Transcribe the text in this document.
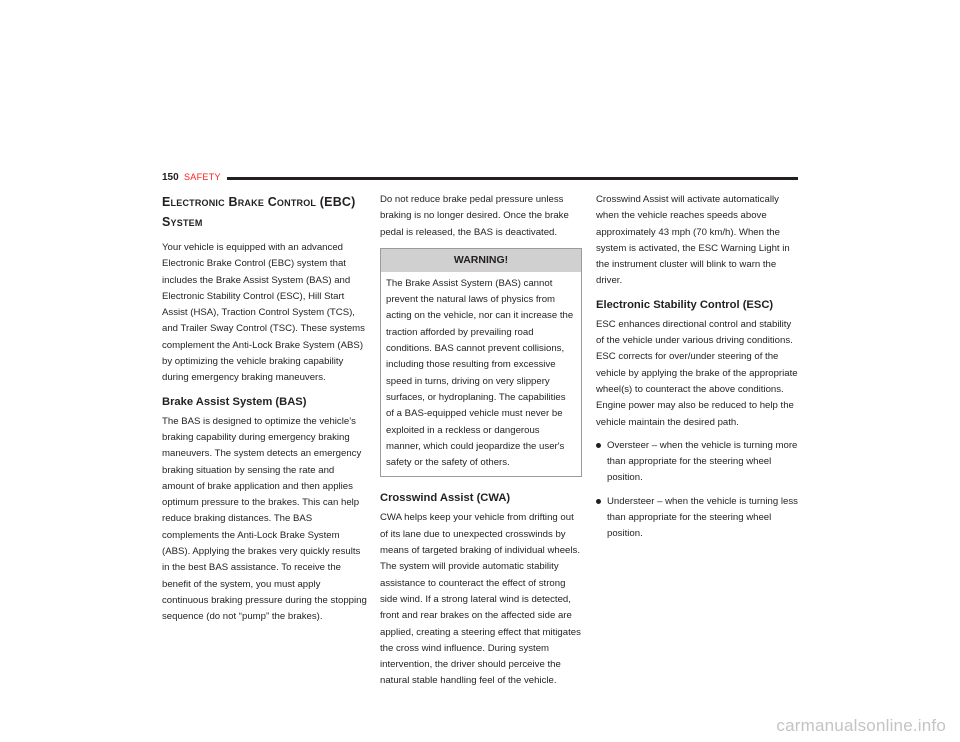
150 SAFETY
Electronic Brake Control (EBC) System

Your vehicle is equipped with an advanced Electronic Brake Control (EBC) system that includes the Brake Assist System (BAS) and Electronic Stability Control (ESC), Hill Start Assist (HSA), Traction Control System (TCS), and Trailer Sway Control (TSC). These systems complement the Anti-Lock Brake System (ABS) by optimizing the vehicle braking capability during emergency braking maneuvers.

Brake Assist System (BAS)

The BAS is designed to optimize the vehicle’s braking capability during emergency braking maneuvers. The system detects an emergency braking situation by sensing the rate and amount of brake application and then applies optimum pressure to the brakes. This can help reduce braking distances. The BAS complements the Anti-Lock Brake System (ABS). Applying the brakes very quickly results in the best BAS assistance. To receive the benefit of the system, you must apply continuous braking pressure during the stopping sequence (do not “pump” the brakes).

Do not reduce brake pedal pressure unless braking is no longer desired. Once the brake pedal is released, the BAS is deactivated.

WARNING!
The Brake Assist System (BAS) cannot prevent the natural laws of physics from acting on the vehicle, nor can it increase the traction afforded by prevailing road conditions. BAS cannot prevent collisions, including those resulting from excessive speed in turns, driving on very slippery surfaces, or hydroplaning. The capabilities of a BAS-equipped vehicle must never be exploited in a reckless or dangerous manner, which could jeopardize the user's safety or the safety of others.
Crosswind Assist (CWA)

CWA helps keep your vehicle from drifting out of its lane due to unexpected crosswinds by means of targeted braking of individual wheels. The system will provide automatic stability assistance to counteract the effect of strong side wind. If a strong lateral wind is detected, front and rear brakes on the affected side are applied, creating a steering effect that mitigates the cross wind influence. During system intervention, the driver should perceive the natural stable handling feel of the vehicle.

Crosswind Assist will activate automatically when the vehicle reaches speeds above approximately 43 mph (70 km/h). When the system is activated, the ESC Warning Light in the instrument cluster will blink to warn the driver.

Electronic Stability Control (ESC)

ESC enhances directional control and stability of the vehicle under various driving conditions. ESC corrects for over/under steering of the vehicle by applying the brake of the appropriate wheel(s) to counteract the above conditions. Engine power may also be reduced to help the vehicle maintain the desired path.

Oversteer – when the vehicle is turning more than appropriate for the steering wheel position.
Understeer – when the vehicle is turning less than appropriate for the steering wheel position.
carmanualsonline.info
